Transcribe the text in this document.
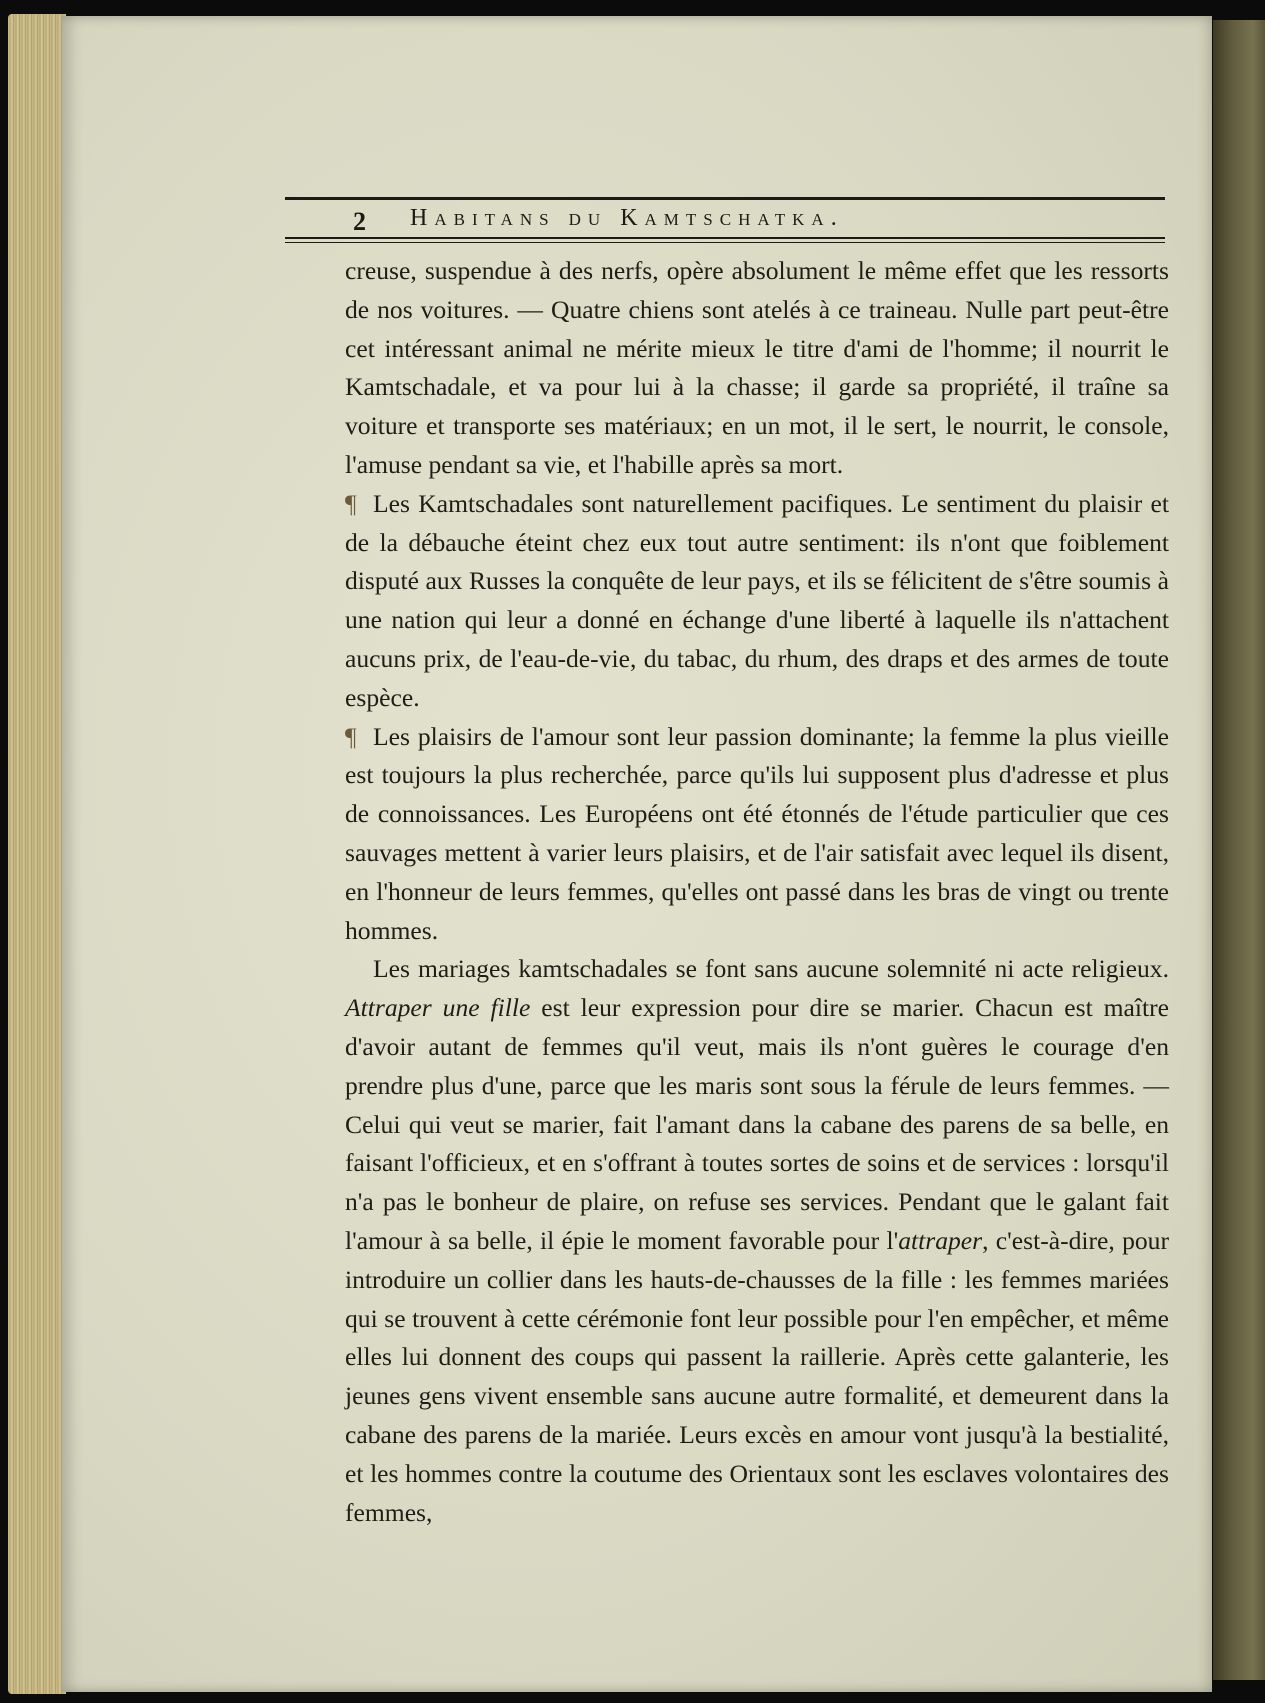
2 Habitans du Kamtschatka.

creuse, suspendue à des nerfs, opère absolument le même effet que les ressorts de nos voitures. — Quatre chiens sont atelés à ce traineau. Nulle part peut-être cet intéressant animal ne mérite mieux le titre d'ami de l'homme; il nourrit le Kamtschadale, et va pour lui à la chasse; il garde sa propriété, il traîne sa voiture et transporte ses matériaux; en un mot, il le sert, le nourrit, le console, l'amuse pendant sa vie, et l'habille après sa mort.

¶ Les Kamtschadales sont naturellement pacifiques. Le sentiment du plaisir et de la débauche éteint chez eux tout autre sentiment: ils n'ont que foiblement disputé aux Russes la conquête de leur pays, et ils se félicitent de s'être soumis à une nation qui leur a donné en échange d'une liberté à laquelle ils n'attachent aucuns prix, de l'eau-de-vie, du tabac, du rhum, des draps et des armes de toute espèce.

¶ Les plaisirs de l'amour sont leur passion dominante; la femme la plus vieille est toujours la plus recherchée, parce qu'ils lui supposent plus d'adresse et plus de connoissances. Les Européens ont été étonnés de l'étude particulier que ces sauvages mettent à varier leurs plaisirs, et de l'air satisfait avec lequel ils disent, en l'honneur de leurs femmes, qu'elles ont passé dans les bras de vingt ou trente hommes.

Les mariages kamtschadales se font sans aucune solemnité ni acte religieux. Attraper une fille est leur expression pour dire se marier. Chacun est maître d'avoir autant de femmes qu'il veut, mais ils n'ont guères le courage d'en prendre plus d'une, parce que les maris sont sous la férule de leurs femmes. — Celui qui veut se marier, fait l'amant dans la cabane des parens de sa belle, en faisant l'officieux, et en s'offrant à toutes sortes de soins et de services : lorsqu'il n'a pas le bonheur de plaire, on refuse ses services. Pendant que le galant fait l'amour à sa belle, il épie le moment favorable pour l'attraper, c'est-à-dire, pour introduire un collier dans les hauts-de-chausses de la fille : les femmes mariées qui se trouvent à cette cérémonie font leur possible pour l'en empêcher, et même elles lui donnent des coups qui passent la raillerie. Après cette galanterie, les jeunes gens vivent ensemble sans aucune autre formalité, et demeurent dans la cabane des parens de la mariée. Leurs excès en amour vont jusqu'à la bestialité, et les hommes contre la coutume des Orientaux sont les esclaves volontaires des femmes,
